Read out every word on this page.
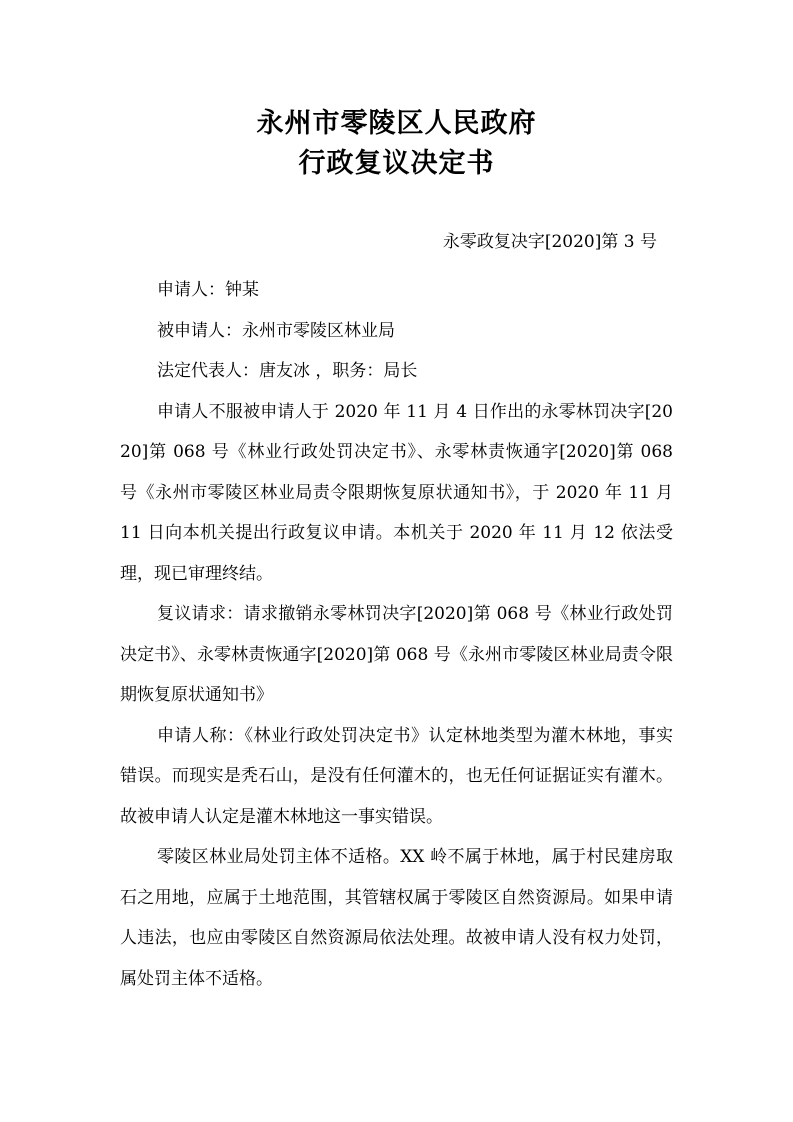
永州市零陵区人民政府
行政复议决定书
永零政复决字[2020]第 3 号

申请人：钟某

被申请人：永州市零陵区林业局

法定代表人：唐友冰 ，职务：局长

申请人不服被申请人于 2020 年 11 月 4 日作出的永零林罚决字[2020]第 068 号《林业行政处罚决定书》、永零林责恢通字[2020]第 068 号《永州市零陵区林业局责令限期恢复原状通知书》，于 2020 年 11 月 11 日向本机关提出行政复议申请。本机关于 2020 年 11 月 12 依法受理，现已审理终结。

复议请求：请求撤销永零林罚决字[2020]第 068 号《林业行政处罚决定书》、永零林责恢通字[2020]第 068 号《永州市零陵区林业局责令限期恢复原状通知书》

申请人称：《林业行政处罚决定书》认定林地类型为灌木林地，事实错误。而现实是秃石山，是没有任何灌木的，也无任何证据证实有灌木。故被申请人认定是灌木林地这一事实错误。

零陵区林业局处罚主体不适格。XX 岭不属于林地，属于村民建房取石之用地，应属于土地范围，其管辖权属于零陵区自然资源局。如果申请人违法，也应由零陵区自然资源局依法处理。故被申请人没有权力处罚，属处罚主体不适格。
